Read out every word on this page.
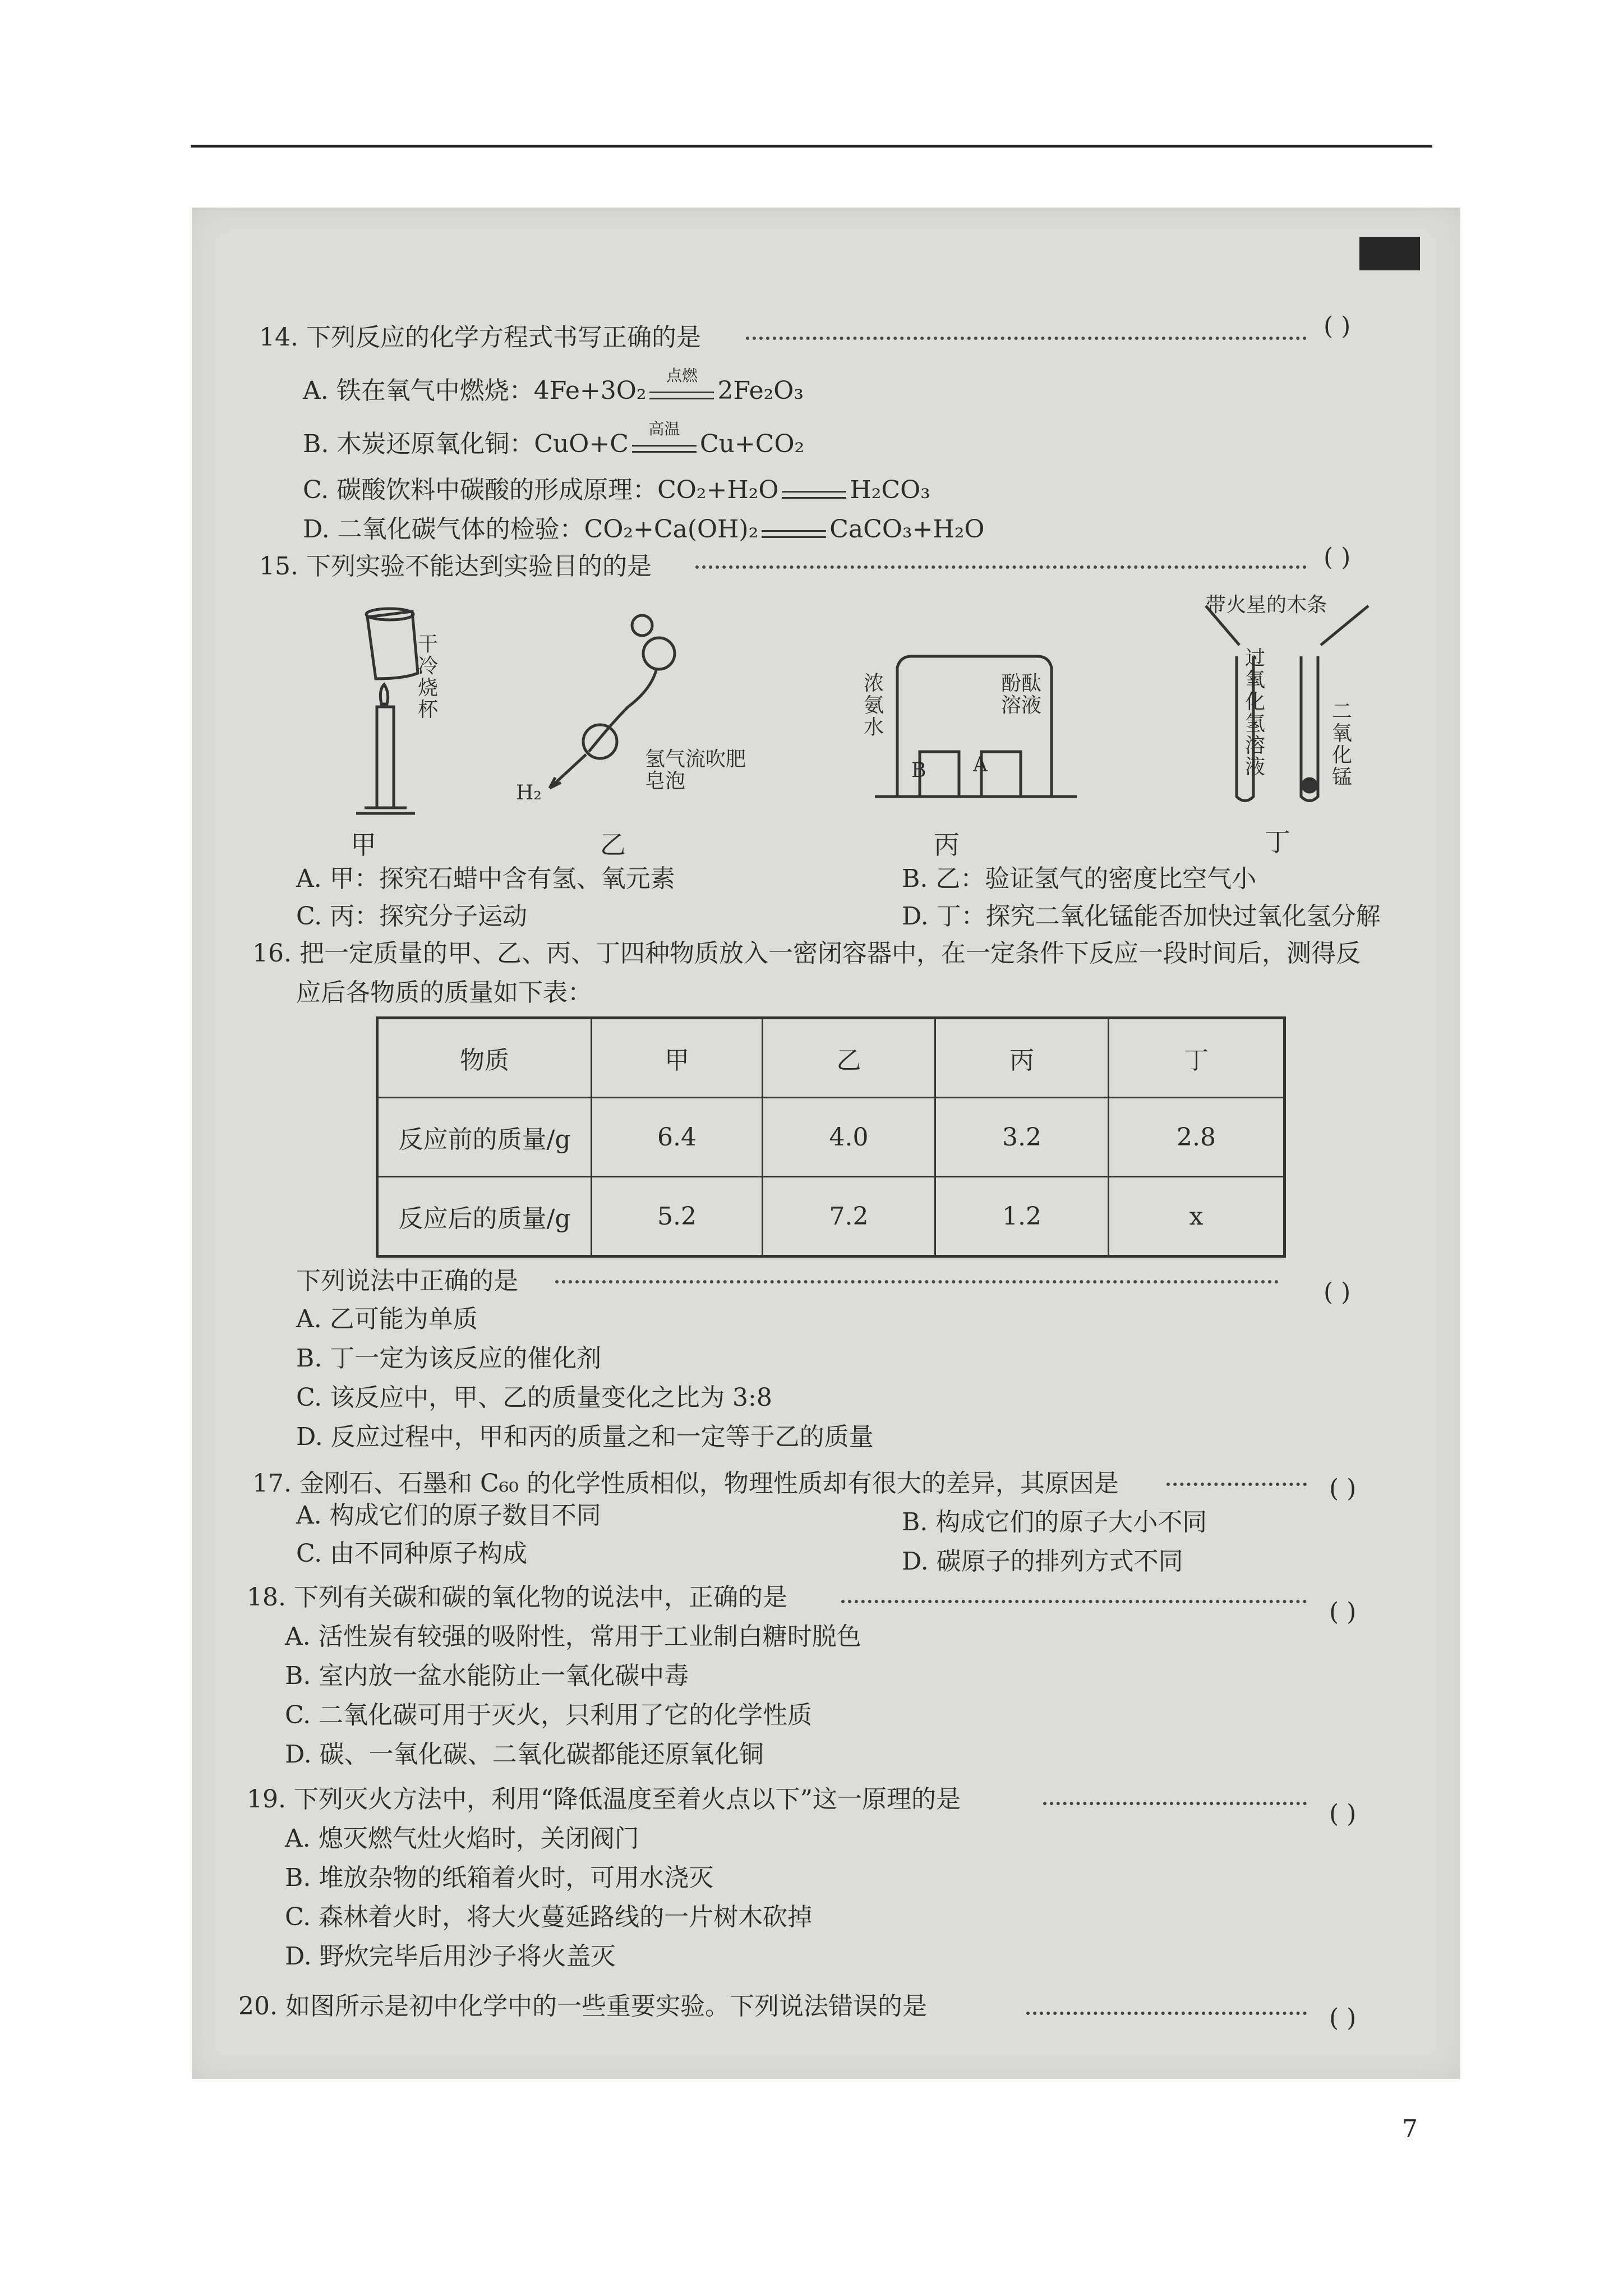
14. 下列反应的化学方程式书写正确的是	( )
A. 铁在氧气中燃烧：4Fe+3O₂
点燃
2Fe₂O₃
B. 木炭还原氧化铜：CuO+C
高温
Cu+CO₂
C. 碳酸饮料中碳酸的形成原理：CO₂+H₂O	H₂CO₃
D. 二氧化碳气体的检验：CO₂+Ca(OH)₂	CaCO₃+H₂O
15. 下列实验不能达到实验目的的是	( )
干冷烧杯
H₂
氢气流吹肥皂泡
浓氨水
酚酞溶液
B A
带火星的木条
过氧化氢溶液
二氧化锰
甲	乙	丙	丁
A. 甲：探究石蜡中含有氢、氧元素	B. 乙：验证氢气的密度比空气小
C. 丙：探究分子运动	D. 丁：探究二氧化锰能否加快过氧化氢分解
16. 把一定质量的甲、乙、丙、丁四种物质放入一密闭容器中，在一定条件下反应一段时间后，测得反
应后各物质的质量如下表：
物质	甲	乙	丙	丁
反应前的质量/g	6.4	4.0	3.2	2.8
反应后的质量/g	5.2	7.2	1.2	x
下列说法中正确的是	( )
A. 乙可能为单质
B. 丁一定为该反应的催化剂
C. 该反应中，甲、乙的质量变化之比为 3:8
D. 反应过程中，甲和丙的质量之和一定等于乙的质量
17. 金刚石、石墨和 C₆₀ 的化学性质相似，物理性质却有很大的差异，其原因是	( )
A. 构成它们的原子数目不同	B. 构成它们的原子大小不同
C. 由不同种原子构成	D. 碳原子的排列方式不同
18. 下列有关碳和碳的氧化物的说法中，正确的是
( )
A. 活性炭有较强的吸附性，常用于工业制白糖时脱色
B. 室内放一盆水能防止一氧化碳中毒
C. 二氧化碳可用于灭火，只利用了它的化学性质
D. 碳、一氧化碳、二氧化碳都能还原氧化铜
19. 下列灭火方法中，利用“降低温度至着火点以下”这一原理的是
( )
A. 熄灭燃气灶火焰时，关闭阀门
B. 堆放杂物的纸箱着火时，可用水浇灭
C. 森林着火时，将大火蔓延路线的一片树木砍掉
D. 野炊完毕后用沙子将火盖灭
20. 如图所示是初中化学中的一些重要实验。下列说法错误的是	( )
7
